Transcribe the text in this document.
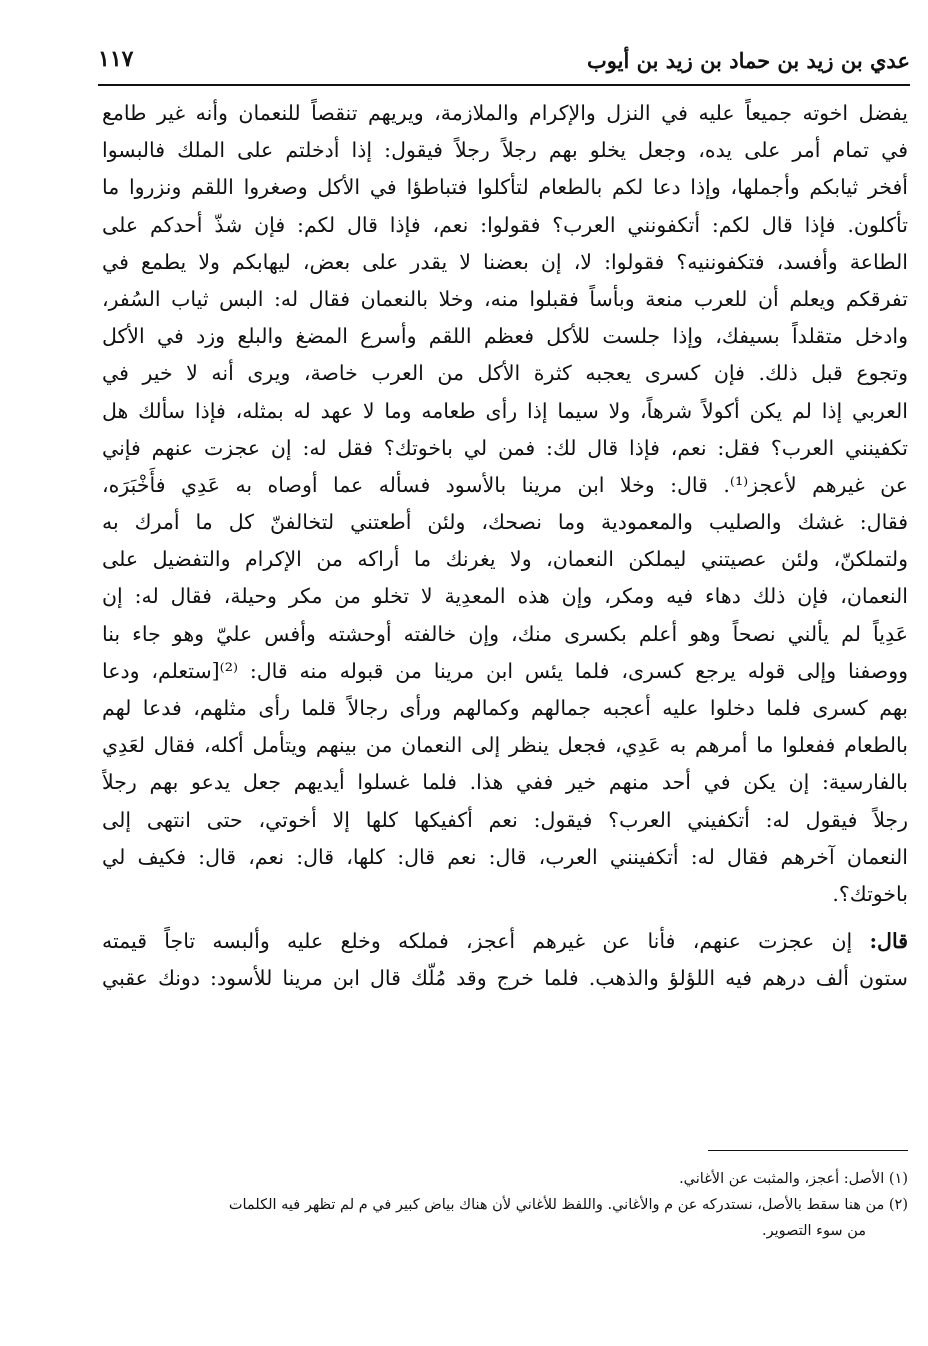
عدي بن زيد بن حماد بن زيد بن أيوب
١١٧
يفضل اخوته جميعاً عليه في النزل والإكرام والملازمة، ويريهم تنقصاً للنعمان وأنه غير طامع
في تمام أمر على يده، وجعل يخلو بهم رجلاً رجلاً فيقول: إذا أدخلتم على الملك فالبسوا
أفخر ثيابكم وأجملها، وإذا دعا لكم بالطعام لتأكلوا فتباطؤا في الأكل وصغروا اللقم ونزروا ما
تأكلون. فإذا قال لكم: أتكفونني العرب؟ فقولوا: نعم، فإذا قال لكم: فإن شذّ أحدكم على
الطاعة وأفسد، فتكفوننيه؟ فقولوا: لا، إن بعضنا لا يقدر على بعض، ليهابكم ولا يطمع في
تفرقكم ويعلم أن للعرب منعة وبأساً فقبلوا منه، وخلا بالنعمان فقال له: البس ثياب السُفر،
وادخل متقلداً بسيفك، وإذا جلست للأكل فعظم اللقم وأسرع المضغ والبلع وزد في الأكل
وتجوع قبل ذلك. فإن كسرى يعجبه كثرة الأكل من العرب خاصة، ويرى أنه لا خير في
العربي إذا لم يكن أكولاً شرهاً، ولا سيما إذا رأى طعامه وما لا عهد له بمثله، فإذا سألك هل
تكفينني العرب؟ فقل: نعم، فإذا قال لك: فمن لي باخوتك؟ فقل له: إن عجزت عنهم فإني
عن غيرهم لأعجز⁽¹⁾. قال: وخلا ابن مرينا بالأسود فسأله عما أوصاه به عَدِي فأَخْبَرَه،
فقال: غشك والصليب والمعمودية وما نصحك، ولئن أطعتني لتخالفنّ كل ما أمرك به
ولتملكنّ، ولئن عصيتني ليملكن النعمان، ولا يغرنك ما أراكه من الإكرام والتفضيل على
النعمان، فإن ذلك دهاء فيه ومكر، وإن هذه المعدِية لا تخلو من مكر وحيلة، فقال له: إن
عَدِياً لم يألني نصحاً وهو أعلم بكسرى منك، وإن خالفته أوحشته وأفس عليّ وهو جاء بنا
ووصفنا وإلى قوله يرجع كسرى، فلما يئس ابن مرينا من قبوله منه قال: ⁽²⁾[ستعلم، ودعا
بهم كسرى فلما دخلوا عليه أعجبه جمالهم وكمالهم ورأى رجالاً قلما رأى مثلهم، فدعا لهم
بالطعام ففعلوا ما أمرهم به عَدِي، فجعل ينظر إلى النعمان من بينهم ويتأمل أكله، فقال لعَدِي
بالفارسية: إن يكن في أحد منهم خير ففي هذا. فلما غسلوا أيديهم جعل يدعو بهم رجلاً
رجلاً فيقول له: أتكفيني العرب؟ فيقول: نعم أكفيكها كلها إلا أخوتي، حتى انتهى إلى
النعمان آخرهم فقال له: أتكفينني العرب، قال: نعم قال: كلها، قال: نعم، قال: فكيف لي
باخوتك؟.
قال: إن عجزت عنهم، فأنا عن غيرهم أعجز، فملكه وخلع عليه وألبسه تاجاً قيمته
ستون ألف درهم فيه اللؤلؤ والذهب. فلما خرج وقد مُلّك قال ابن مرينا للأسود: دونك عقبي
(١) الأصل: أعجز، والمثبت عن الأغاني.
(٢) من هنا سقط بالأصل، نستدركه عن م والأغاني. واللفظ للأغاني لأن هناك بياض كبير في م لم تظهر فيه الكلمات
من سوء التصوير.
